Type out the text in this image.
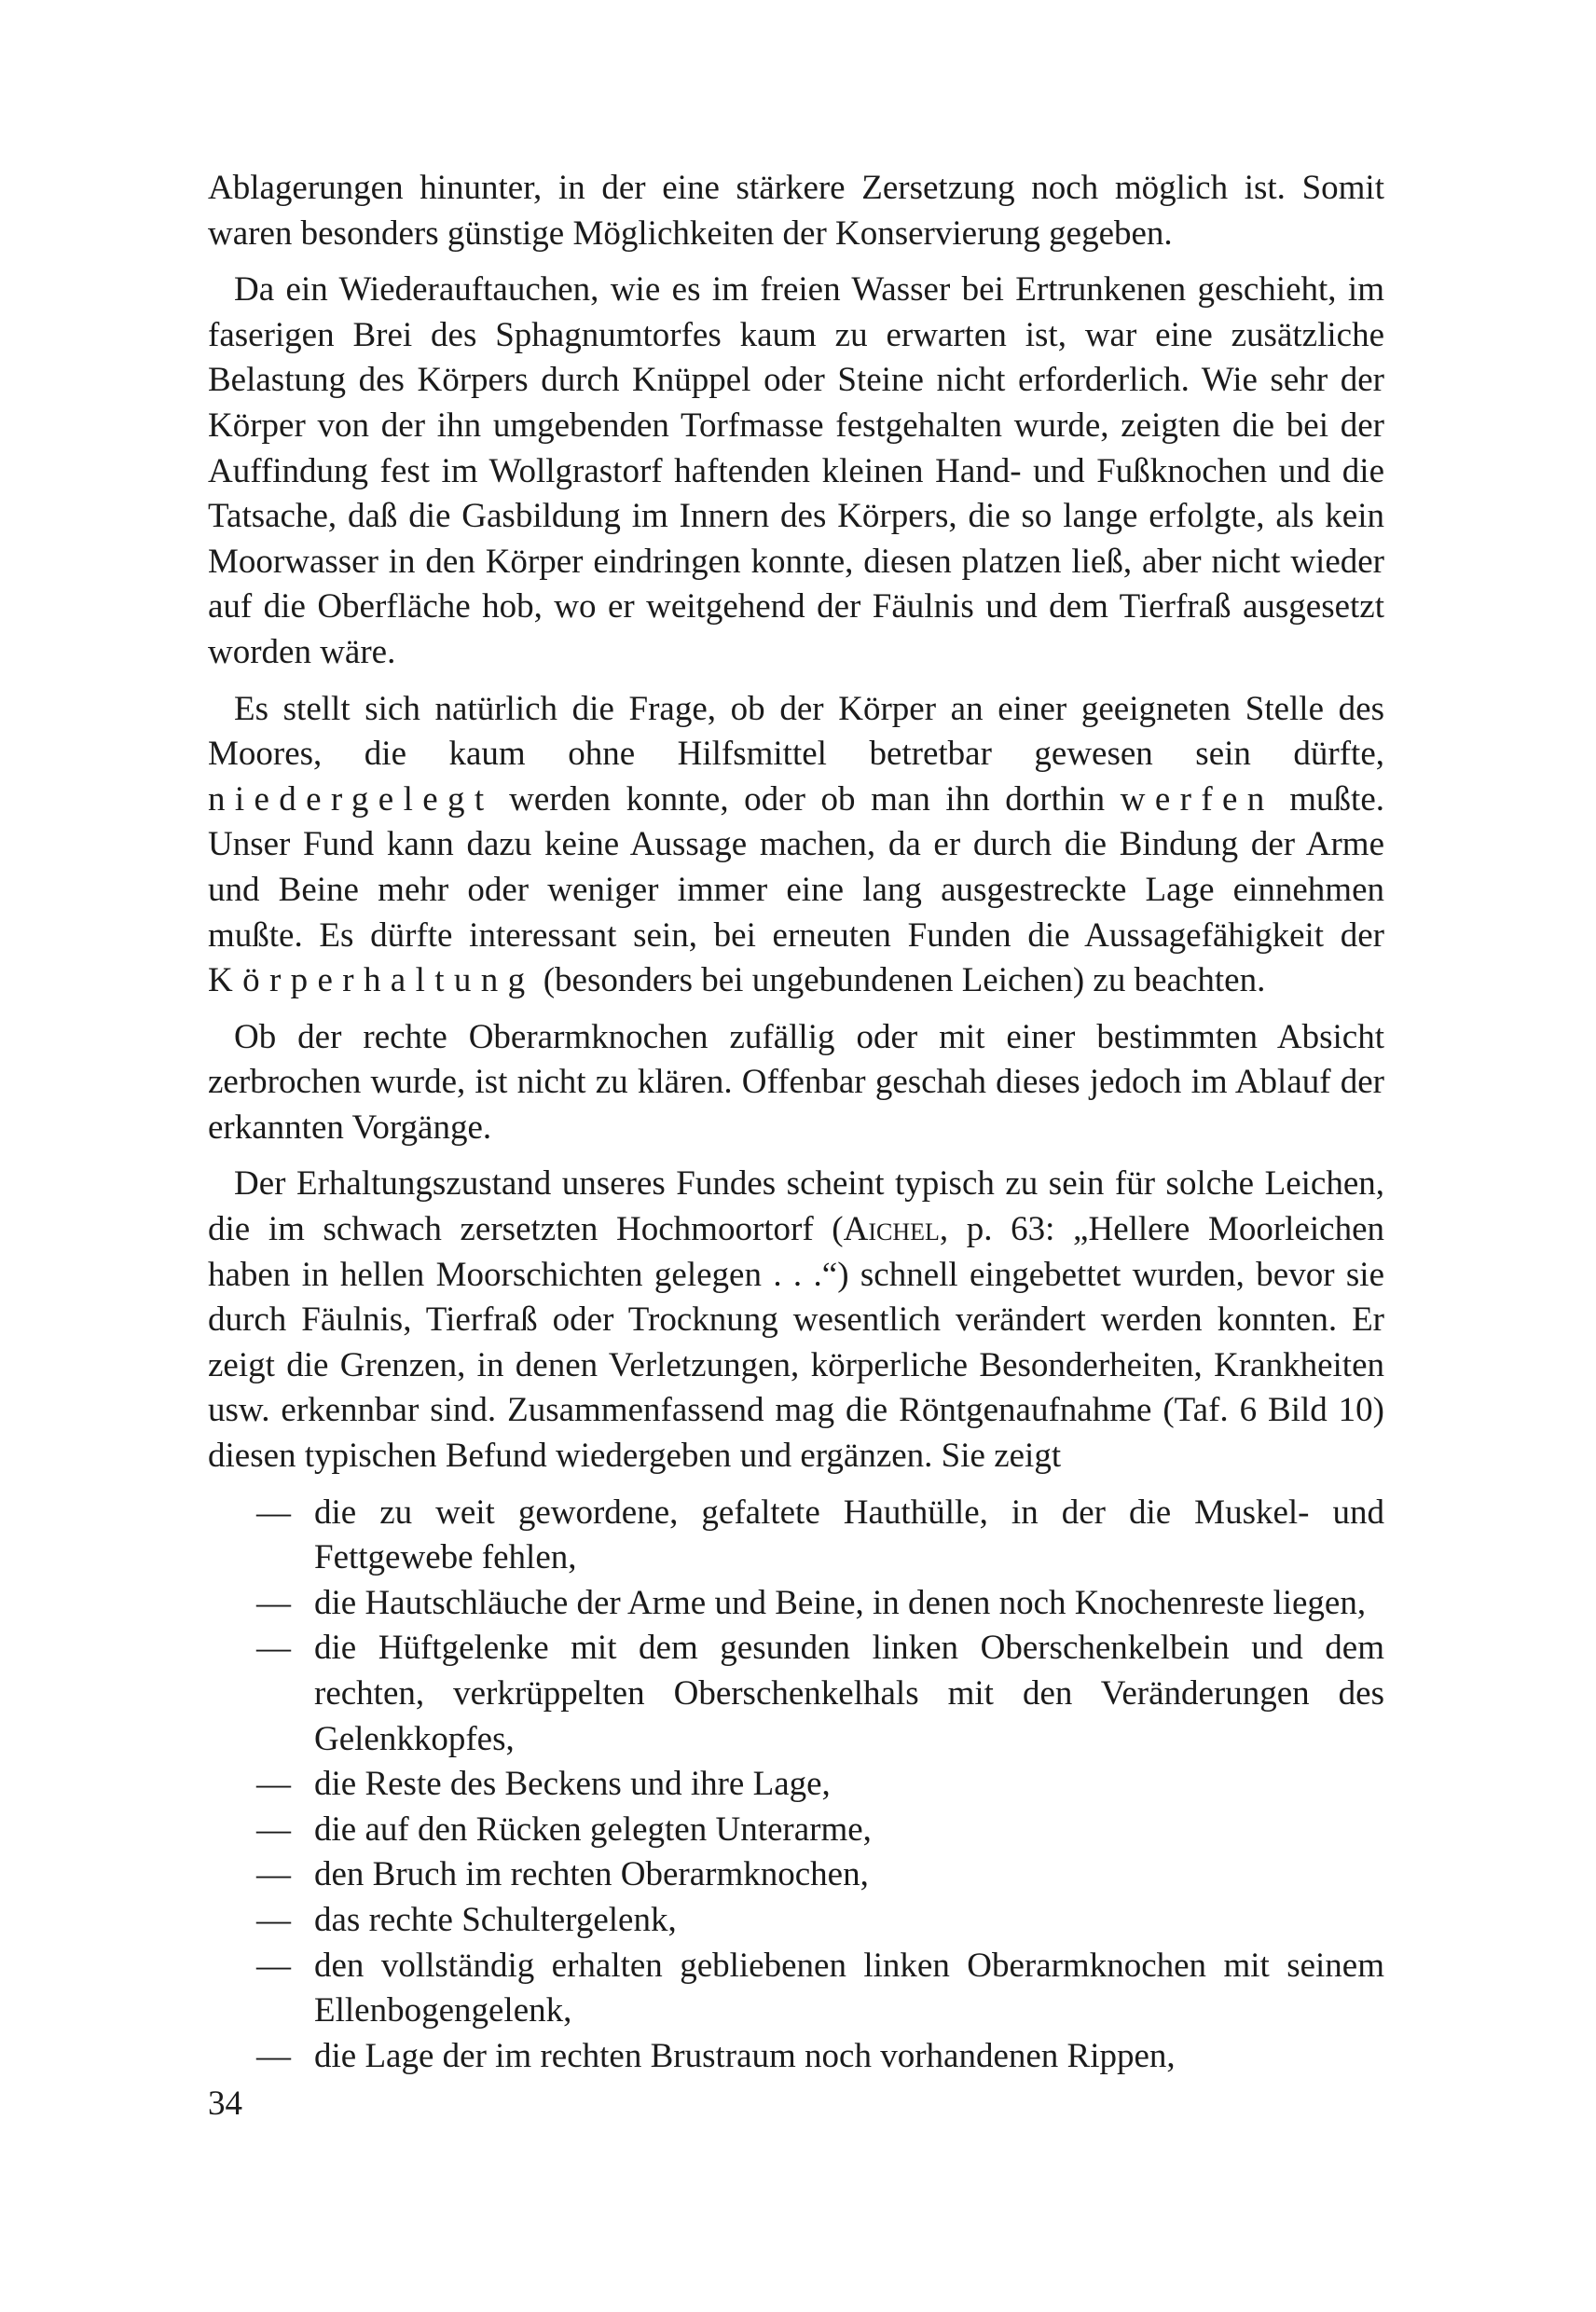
Ablagerungen hinunter, in der eine stärkere Zersetzung noch möglich ist. Somit waren besonders günstige Möglichkeiten der Konservierung gegeben.

Da ein Wiederauftauchen, wie es im freien Wasser bei Ertrunkenen geschieht, im faserigen Brei des Sphagnumtorfes kaum zu erwarten ist, war eine zusätzliche Belastung des Körpers durch Knüppel oder Steine nicht erforderlich. Wie sehr der Körper von der ihn umgebenden Torfmasse festgehalten wurde, zeigten die bei der Auffindung fest im Wollgrastorf haftenden kleinen Hand- und Fußknochen und die Tatsache, daß die Gasbildung im Innern des Körpers, die so lange erfolgte, als kein Moorwasser in den Körper eindringen konnte, diesen platzen ließ, aber nicht wieder auf die Oberfläche hob, wo er weitgehend der Fäulnis und dem Tierfraß ausgesetzt worden wäre.

Es stellt sich natürlich die Frage, ob der Körper an einer geeigneten Stelle des Moores, die kaum ohne Hilfsmittel betretbar gewesen sein dürfte, niedergelegt werden konnte, oder ob man ihn dorthin werfen mußte. Unser Fund kann dazu keine Aussage machen, da er durch die Bindung der Arme und Beine mehr oder weniger immer eine lang ausgestreckte Lage einnehmen mußte. Es dürfte interessant sein, bei erneuten Funden die Aussagefähigkeit der Körperhaltung (besonders bei ungebundenen Leichen) zu beachten.

Ob der rechte Oberarmknochen zufällig oder mit einer bestimmten Absicht zerbrochen wurde, ist nicht zu klären. Offenbar geschah dieses jedoch im Ablauf der erkannten Vorgänge.

Der Erhaltungszustand unseres Fundes scheint typisch zu sein für solche Leichen, die im schwach zersetzten Hochmoortorf (Aichel, p. 63: „Hellere Moorleichen haben in hellen Moorschichten gelegen . . .“) schnell eingebettet wurden, bevor sie durch Fäulnis, Tierfraß oder Trocknung wesentlich verändert werden konnten. Er zeigt die Grenzen, in denen Verletzungen, körperliche Besonderheiten, Krankheiten usw. erkennbar sind. Zusammenfassend mag die Röntgenaufnahme (Taf. 6 Bild 10) diesen typischen Befund wiedergeben und ergänzen. Sie zeigt

— die zu weit gewordene, gefaltete Hauthülle, in der die Muskel- und Fettgewebe fehlen,
— die Hautschläuche der Arme und Beine, in denen noch Knochenreste liegen,
— die Hüftgelenke mit dem gesunden linken Oberschenkelbein und dem rechten, verkrüppelten Oberschenkelhals mit den Veränderungen des Gelenkkopfes,
— die Reste des Beckens und ihre Lage,
— die auf den Rücken gelegten Unterarme,
— den Bruch im rechten Oberarmknochen,
— das rechte Schultergelenk,
— den vollständig erhalten gebliebenen linken Oberarmknochen mit seinem Ellenbogengelenk,
— die Lage der im rechten Brustraum noch vorhandenen Rippen,
34
